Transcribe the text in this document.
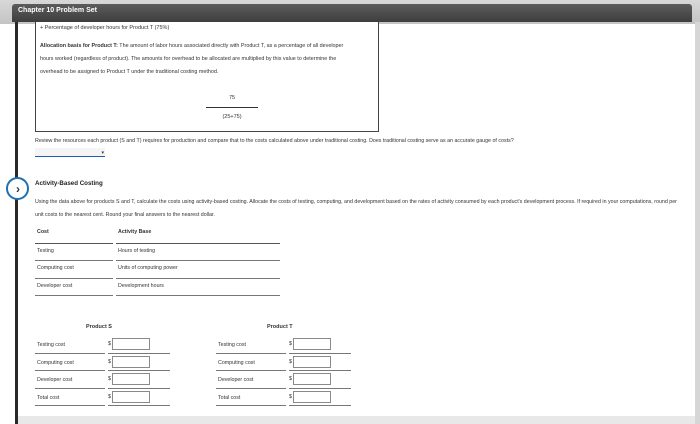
Chapter 10 Problem Set
+ Percentage of developer hours for Product T (75%)
Allocation basis for Product T: The amount of labor hours associated directly with Product T, as a percentage of all developer hours worked (regardless of product). The amounts for overhead to be allocated are multiplied by this value to determine the overhead to be assigned to Product T under the traditional costing method.
75
(25+75)
Review the resources each product (S and T) requires for production and compare that to the costs calculated above under traditional costing. Does traditional costing serve as an accurate gauge of costs?
▾
› Activity-Based Costing
Using the data above for products S and T, calculate the costs using activity-based costing. Allocate the costs of testing, computing, and development based on the rates of activity consumed by each product's development process. If required in your computations, round per unit costs to the nearest cent. Round your final answers to the nearest dollar.
Cost	Activity Base
Testing	Hours of testing
Computing cost	Units of computing power
Developer cost	Development hours
Product S
Testing cost	$
Computing cost	$
Developer cost	$
Total cost	$
Product T
Testing cost	$
Computing cost	$
Developer cost	$
Total cost	$
